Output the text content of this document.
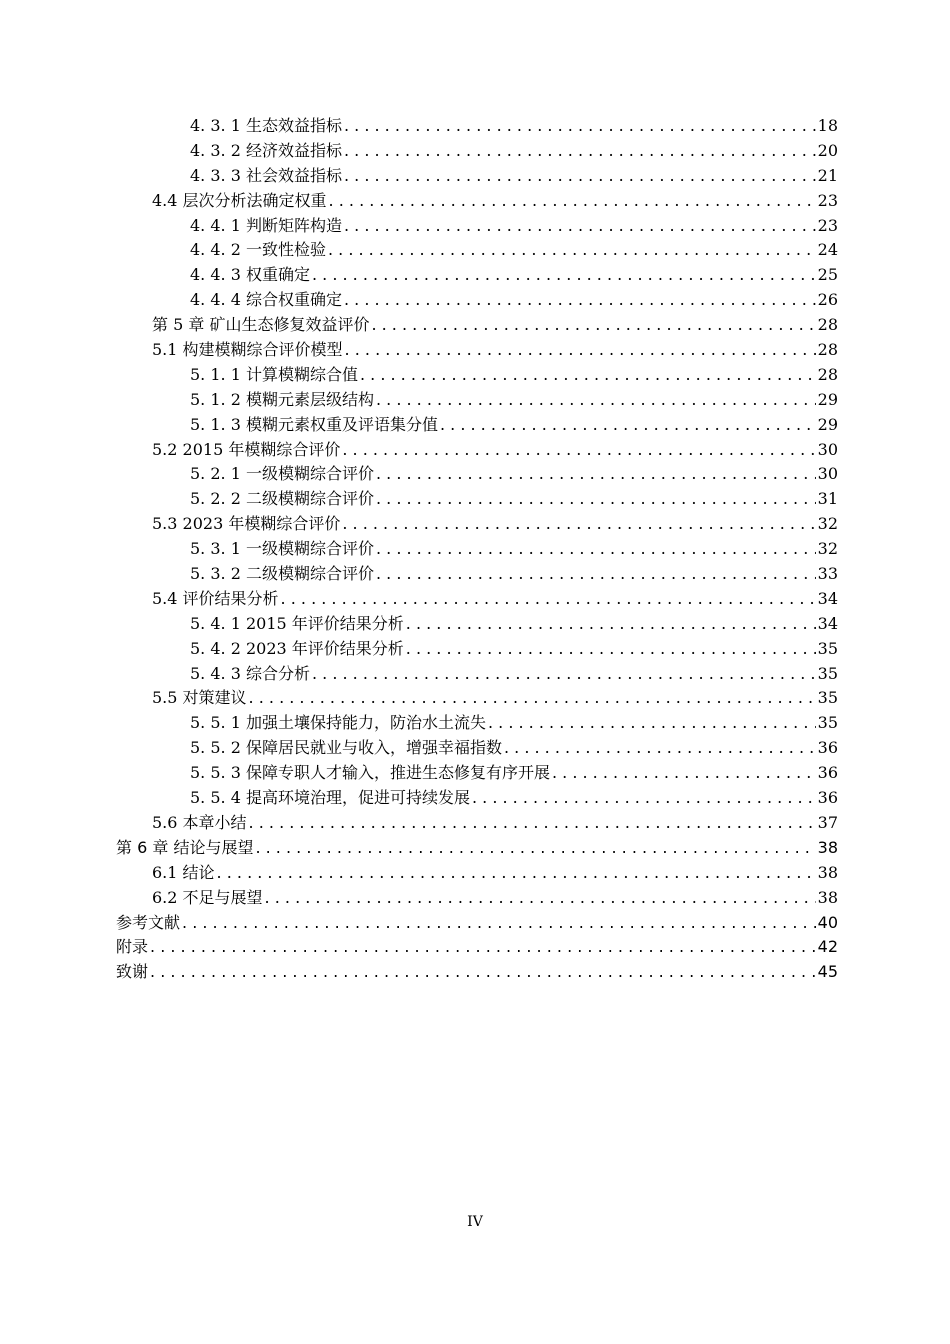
4. 3. 1 生态效益指标 . . .	18
4. 3. 2 经济效益指标 . . .	20
4. 3. 3 社会效益指标 . . .	21
4.4 层次分析法确定权重 . . .	23
4. 4. 1 判断矩阵构造 . . .	23
4. 4. 2 一致性检验 . . .	24
4. 4. 3 权重确定 . . .	25
4. 4. 4 综合权重确定 . . .	26
第 5 章 矿山生态修复效益评价 . . .	28
5.1 构建模糊综合评价模型 . . .	28
5. 1. 1 计算模糊综合值 . . .	28
5. 1. 2 模糊元素层级结构 . . .	29
5. 1. 3 模糊元素权重及评语集分值 . . .	29
5.2 2015 年模糊综合评价 . . .	30
5. 2. 1 一级模糊综合评价 . . .	30
5. 2. 2 二级模糊综合评价 . . .	31
5.3 2023 年模糊综合评价 . . .	32
5. 3. 1 一级模糊综合评价 . . .	32
5. 3. 2 二级模糊综合评价 . . .	33
5.4 评价结果分析 . . .	34
5. 4. 1 2015 年评价结果分析 . . .	34
5. 4. 2 2023 年评价结果分析 . . .	35
5. 4. 3 综合分析 . . .	35
5.5 对策建议 . . .	35
5. 5. 1 加强土壤保持能力，防治水土流失 . . .	35
5. 5. 2 保障居民就业与收入，增强幸福指数 . . .	36
5. 5. 3 保障专职人才输入，推进生态修复有序开展 . . .	36
5. 5. 4 提高环境治理，促进可持续发展 . . .	36
5.6 本章小结 . . .	37
第 6 章 结论与展望 . . .	38
6.1 结论 . . .	38
6.2 不足与展望 . . .	38
参考文献 . . .	40
附录 . . .	42
致谢 . . .	45
IV
